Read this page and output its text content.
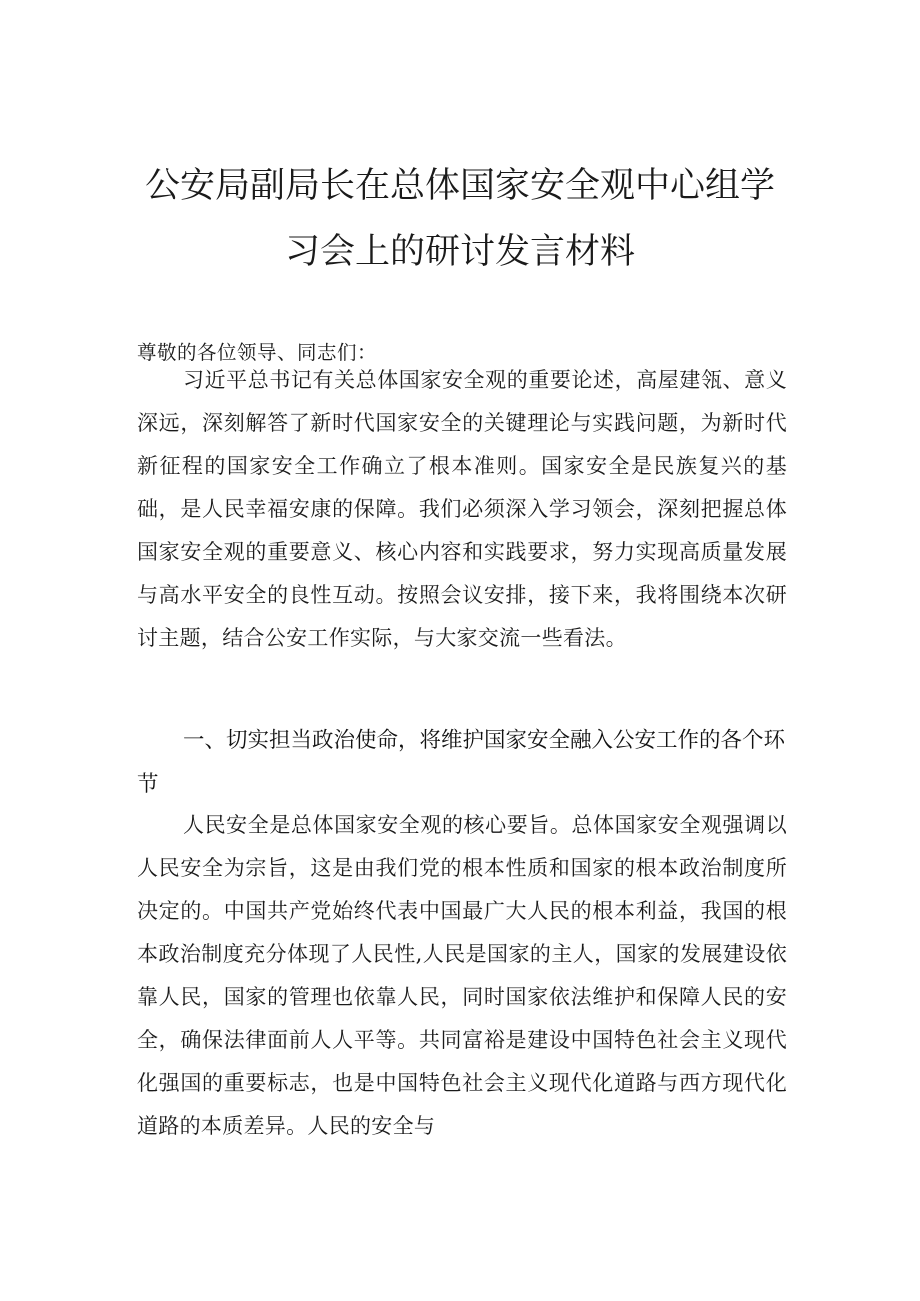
公安局副局长在总体国家安全观中心组学
习会上的研讨发言材料
尊敬的各位领导、同志们：

习近平总书记有关总体国家安全观的重要论述，高屋建瓴、意义深远，深刻解答了新时代国家安全的关键理论与实践问题，为新时代新征程的国家安全工作确立了根本准则。国家安全是民族复兴的基础，是人民幸福安康的保障。我们必须深入学习领会，深刻把握总体国家安全观的重要意义、核心内容和实践要求，努力实现高质量发展与高水平安全的良性互动。按照会议安排，接下来，我将围绕本次研讨主题，结合公安工作实际，与大家交流一些看法。

一、切实担当政治使命，将维护国家安全融入公安工作的各个环节

人民安全是总体国家安全观的核心要旨。总体国家安全观强调以人民安全为宗旨，这是由我们党的根本性质和国家的根本政治制度所决定的。中国共产党始终代表中国最广大人民的根本利益，我国的根本政治制度充分体现了人民性,人民是国家的主人，国家的发展建设依靠人民，国家的管理也依靠人民，同时国家依法维护和保障人民的安全，确保法律面前人人平等。共同富裕是建设中国特色社会主义现代化强国的重要标志，也是中国特色社会主义现代化道路与西方现代化道路的本质差异。人民的安全与
